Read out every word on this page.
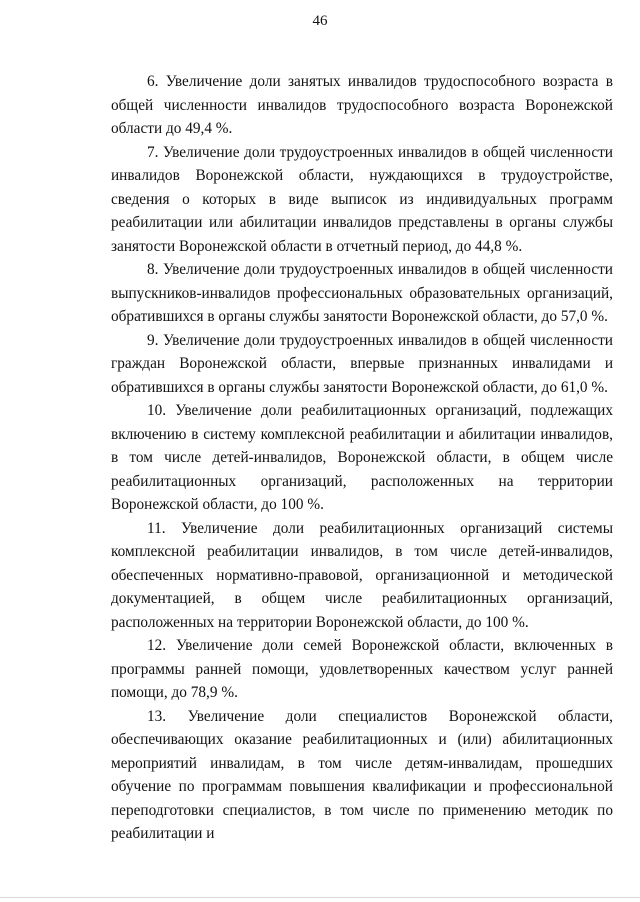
46

6. Увеличение доли занятых инвалидов трудоспособного возраста в общей численности инвалидов трудоспособного возраста Воронежской области до 49,4 %.

7. Увеличение доли трудоустроенных инвалидов в общей численности инвалидов Воронежской области, нуждающихся в трудоустройстве, сведения о которых в виде выписок из индивидуальных программ реабилитации или абилитации инвалидов представлены в органы службы занятости Воронежской области в отчетный период, до 44,8 %.

8. Увеличение доли трудоустроенных инвалидов в общей численности выпускников-инвалидов профессиональных образовательных организаций, обратившихся в органы службы занятости Воронежской области, до 57,0 %.

9. Увеличение доли трудоустроенных инвалидов в общей численности граждан Воронежской области, впервые признанных инвалидами и обратившихся в органы службы занятости Воронежской области, до 61,0 %.

10. Увеличение доли реабилитационных организаций, подлежащих включению в систему комплексной реабилитации и абилитации инвалидов, в том числе детей-инвалидов, Воронежской области, в общем числе реабилитационных организаций, расположенных на территории Воронежской области, до 100 %.

11. Увеличение доли реабилитационных организаций системы комплексной реабилитации инвалидов, в том числе детей-инвалидов, обеспеченных нормативно-правовой, организационной и методической документацией, в общем числе реабилитационных организаций, расположенных на территории Воронежской области, до 100 %.

12. Увеличение доли семей Воронежской области, включенных в программы ранней помощи, удовлетворенных качеством услуг ранней помощи, до 78,9 %.

13. Увеличение доли специалистов Воронежской области, обеспечивающих оказание реабилитационных и (или) абилитационных мероприятий инвалидам, в том числе детям-инвалидам, прошедших обучение по программам повышения квалификации и профессиональной переподготовки специалистов, в том числе по применению методик по реабилитации и
